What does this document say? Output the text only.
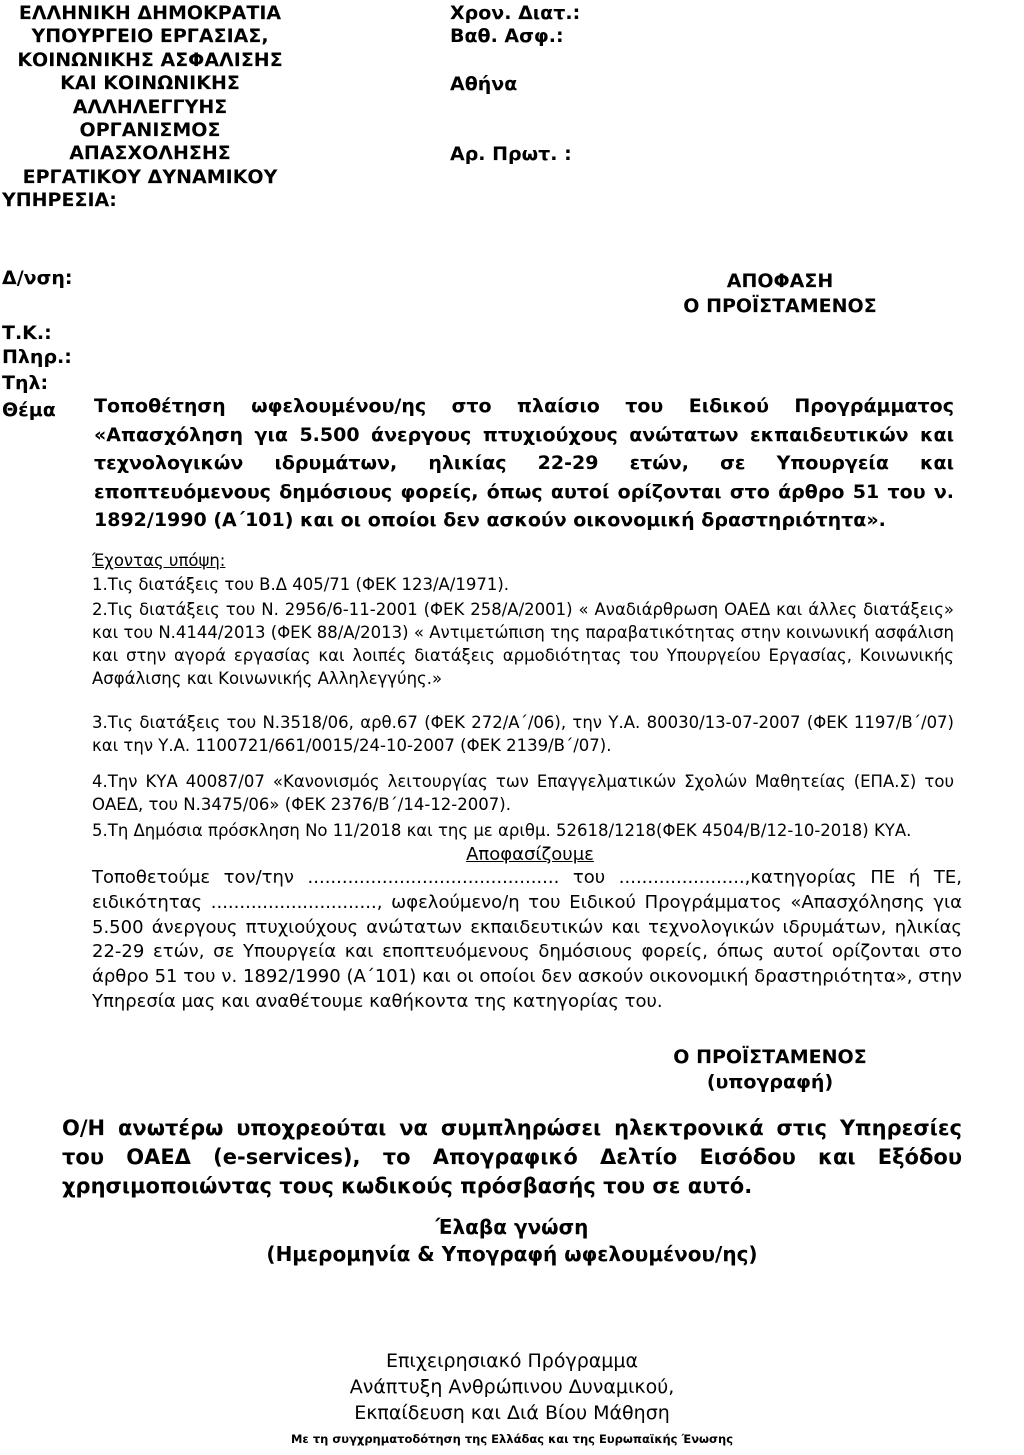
ΕΛΛΗΝΙΚΗ ΔΗΜΟΚΡΑΤΙΑ
ΥΠΟΥΡΓΕΙΟ ΕΡΓΑΣΙΑΣ,
ΚΟΙΝΩΝΙΚΗΣ ΑΣΦΑΛΙΣΗΣ
ΚΑΙ ΚΟΙΝΩΝΙΚΗΣ
ΑΛΛΗΛΕΓΓΥΗΣ
ΟΡΓΑΝΙΣΜΟΣ
ΑΠΑΣΧΟΛΗΣΗΣ
ΕΡΓΑΤΙΚΟΥ ΔΥΝΑΜΙΚΟΥ
ΥΠΗΡΕΣΙΑ:
Χρον. Διατ.:
Βαθ. Ασφ.:
Αθήνα
Αρ. Πρωτ. :
Δ/νση:
Τ.Κ.:
Πληρ.:
Τηλ:
ΑΠΟΦΑΣΗ
Ο ΠΡΟΪΣΤΑΜΕΝΟΣ
Θέμα Τοποθέτηση ωφελουμένου/ης στο πλαίσιο του Ειδικού Προγράμματος «Απασχόληση για 5.500 άνεργους πτυχιούχους ανώτατων εκπαιδευτικών και τεχνολογικών ιδρυμάτων, ηλικίας 22-29 ετών, σε Υπουργεία και εποπτευόμενους δημόσιους φορείς, όπως αυτοί ορίζονται στο άρθρο 51 του ν. 1892/1990 (Α΄101) και οι οποίοι δεν ασκούν οικονομική δραστηριότητα».
Έχοντας υπόψη:
1.Τις διατάξεις του Β.Δ 405/71 (ΦΕΚ 123/Α/1971).
2.Τις διατάξεις του Ν. 2956/6-11-2001 (ΦΕΚ 258/Α/2001) « Αναδιάρθρωση ΟΑΕΔ και άλλες διατάξεις» και του Ν.4144/2013 (ΦΕΚ 88/Α/2013) « Αντιμετώπιση της παραβατικότητας στην κοινωνική ασφάλιση και στην αγορά εργασίας και λοιπές διατάξεις αρμοδιότητας του Υπουργείου Εργασίας, Κοινωνικής Ασφάλισης και Κοινωνικής Αλληλεγγύης.»
3.Τις διατάξεις του Ν.3518/06, αρθ.67 (ΦΕΚ 272/Α΄/06), την Υ.Α. 80030/13-07-2007 (ΦΕΚ 1197/Β΄/07) και την Υ.Α. 1100721/661/0015/24-10-2007 (ΦΕΚ 2139/Β΄/07).
4.Την ΚΥΑ 40087/07 «Κανονισμός λειτουργίας των Επαγγελματικών Σχολών Μαθητείας (ΕΠΑ.Σ) του ΟΑΕΔ, του Ν.3475/06» (ΦΕΚ 2376/Β΄/14-12-2007).
5.Τη Δημόσια πρόσκληση Νο 11/2018 και της με αριθμ. 52618/1218(ΦΕΚ 4504/Β/12-10-2018) ΚΥΑ.
Αποφασίζουμε
Τοποθετούμε τον/την ............................................ του ......................,κατηγορίας ΠΕ ή ΤΕ, ειδικότητας ............................., ωφελούμενο/η του Ειδικού Προγράμματος «Απασχόλησης για 5.500 άνεργους πτυχιούχους ανώτατων εκπαιδευτικών και τεχνολογικών ιδρυμάτων, ηλικίας 22-29 ετών, σε Υπουργεία και εποπτευόμενους δημόσιους φορείς, όπως αυτοί ορίζονται στο άρθρο 51 του ν. 1892/1990 (Α΄101) και οι οποίοι δεν ασκούν οικονομική δραστηριότητα», στην Υπηρεσία μας και αναθέτουμε καθήκοντα της κατηγορίας του.
Ο ΠΡΟΪΣΤΑΜΕΝΟΣ
(υπογραφή)
Ο/Η ανωτέρω υποχρεούται να συμπληρώσει ηλεκτρονικά στις Υπηρεσίες του ΟΑΕΔ (e-services), το Απογραφικό Δελτίο Εισόδου και Εξόδου χρησιμοποιώντας τους κωδικούς πρόσβασής του σε αυτό.
Έλαβα γνώση
(Ημερομηνία & Υπογραφή ωφελουμένου/ης)
Επιχειρησιακό Πρόγραμμα
Ανάπτυξη Ανθρώπινου Δυναμικού,
Εκπαίδευση και Διά Βίου Μάθηση
Με τη συγχρηματοδότηση της Ελλάδας και της Ευρωπαϊκής Ένωσης
